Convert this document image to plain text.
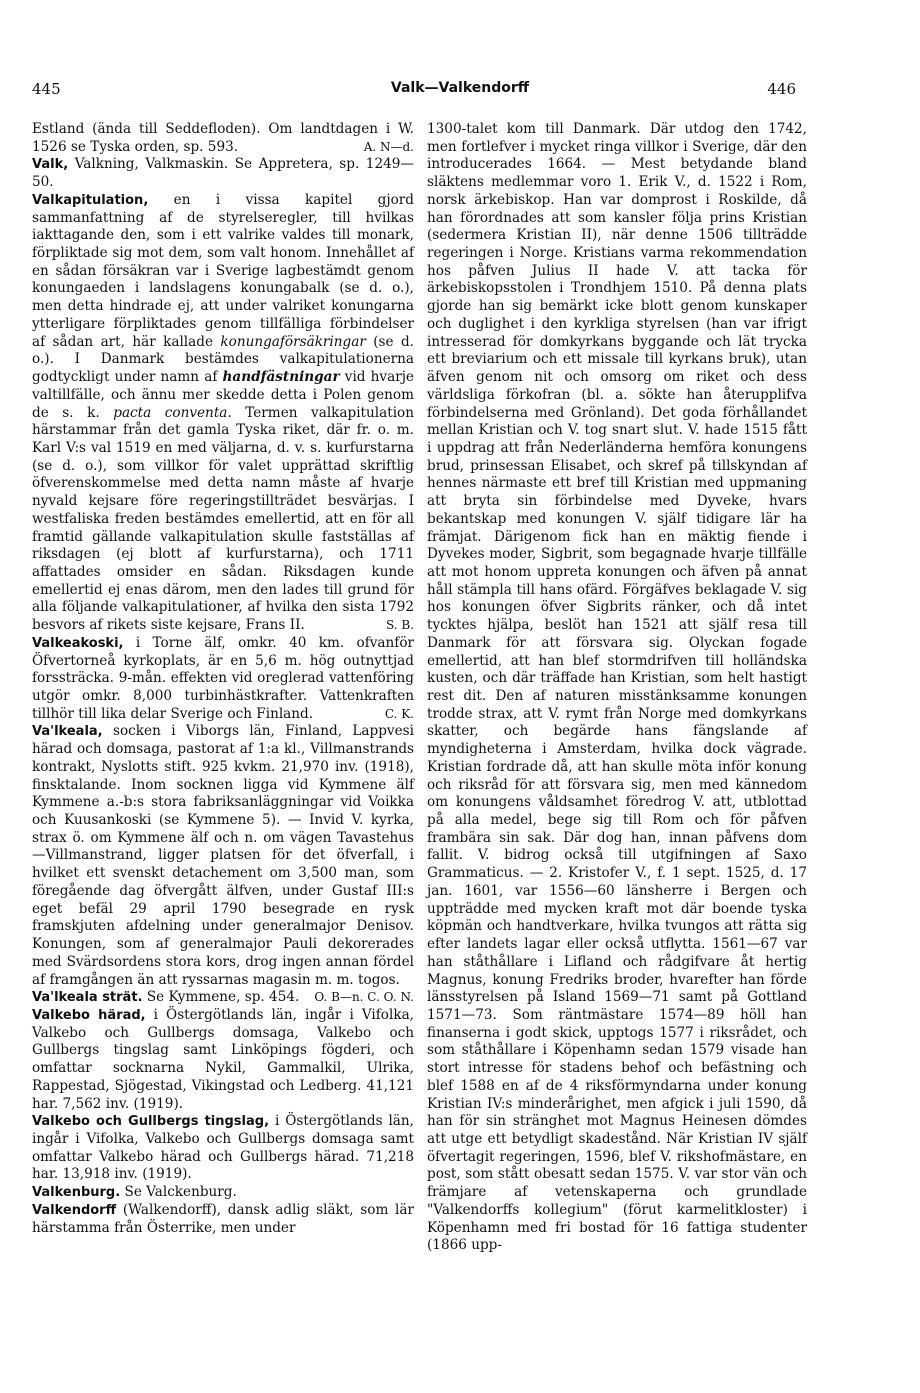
445	Valk—Valkendorff	446

Estland (ända till Seddefloden). Om landtdagen i W. 1526 se Tyska orden, sp. 593.	A. N—d.

Valk, Valkning, Valkmaskin. Se Appretera, sp. 1249—50.

Valkapitulation, en i vissa kapitel gjord sammanfattning af de styrelseregler, till hvilkas iakttagande den, som i ett valrike valdes till monark, förpliktade sig mot dem, som valt honom. Innehållet af en sådan försäkran var i Sverige lagbestämdt genom konungaeden i landslagens konungabalk (se d. o.), men detta hindrade ej, att under valriket konungarna ytterligare förpliktades genom tillfälliga förbindelser af sådan art, här kallade konungaförsäkringar (se d. o.). I Danmark bestämdes valkapitulationerna godtyckligt under namn af handfästningar vid hvarje valtillfälle, och ännu mer skedde detta i Polen genom de s. k. pacta conventa. Termen valkapitulation härstammar från det gamla Tyska riket, där fr. o. m. Karl V:s val 1519 en med väljarna, d. v. s. kurfurstarna (se d. o.), som villkor för valet upprättad skriftlig öfverenskommelse med detta namn måste af hvarje nyvald kejsare före regeringstillträdet besvärjas. I westfaliska freden bestämdes emellertid, att en för all framtid gällande valkapitulation skulle fastställas af riksdagen (ej blott af kurfurstarna), och 1711 affattades omsider en sådan. Riksdagen kunde emellertid ej enas därom, men den lades till grund för alla följande valkapitulationer, af hvilka den sista 1792 besvors af rikets siste kejsare, Frans II.	S. B.

Valkeakoski, i Torne älf, omkr. 40 km. ofvanför Öfvertorneå kyrkoplats, är en 5,6 m. hög outnyttjad forssträcka. 9-mån. effekten vid oreglerad vattenföring utgör omkr. 8,000 turbinhästkrafter. Vattenkraften tillhör till lika delar Sverige och Finland.	C. K.

Va'lkeala, socken i Viborgs län, Finland, Lappvesi härad och domsaga, pastorat af 1:a kl., Villmanstrands kontrakt, Nyslotts stift. 925 kvkm. 21,970 inv. (1918), finsktalande. Inom socknen ligga vid Kymmene älf Kymmene a.-b:s stora fabriksanläggningar vid Voikka och Kuusankoski (se Kymmene 5). — Invid V. kyrka, strax ö. om Kymmene älf och n. om vägen Tavastehus—Villmanstrand, ligger platsen för det öfverfall, i hvilket ett svenskt detachement om 3,500 man, som föregående dag öfvergått älfven, under Gustaf III:s eget befäl 29 april 1790 besegrade en rysk framskjuten afdelning under generalmajor Denisov. Konungen, som af generalmajor Pauli dekorerades med Svärdsordens stora kors, drog ingen annan fördel af framgången än att ryssarnas magasin m. m. togos.
O. B—n. C. O. N.

Va'lkeala strät. Se Kymmene, sp. 454.

Valkebo härad, i Östergötlands län, ingår i Vifolka, Valkebo och Gullbergs domsaga, Valkebo och Gullbergs tingslag samt Linköpings fögderi, och omfattar socknarna Nykil, Gammalkil, Ulrika, Rappestad, Sjögestad, Vikingstad och Ledberg. 41,121 har. 7,562 inv. (1919).

Valkebo och Gullbergs tingslag, i Östergötlands län, ingår i Vifolka, Valkebo och Gullbergs domsaga samt omfattar Valkebo härad och Gullbergs härad. 71,218 har. 13,918 inv. (1919).

Valkenburg. Se Valckenburg.

Valkendorff (Walkendorff), dansk adlig släkt, som lär härstamma från Österrike, men under

1300-talet kom till Danmark. Där utdog den 1742, men fortlefver i mycket ringa villkor i Sverige, där den introducerades 1664. — Mest betydande bland släktens medlemmar voro 1. Erik V., d. 1522 i Rom, norsk ärkebiskop. Han var domprost i Roskilde, då han förordnades att som kansler följa prins Kristian (sedermera Kristian II), när denne 1506 tillträdde regeringen i Norge. Kristians varma rekommendation hos påfven Julius II hade V. att tacka för ärkebiskopsstolen i Trondhjem 1510. På denna plats gjorde han sig bemärkt icke blott genom kunskaper och duglighet i den kyrkliga styrelsen (han var ifrigt intresserad för domkyrkans byggande och lät trycka ett breviarium och ett missale till kyrkans bruk), utan äfven genom nit och omsorg om riket och dess världsliga förkofran (bl. a. sökte han återupplifva förbindelserna med Grönland). Det goda förhållandet mellan Kristian och V. tog snart slut. V. hade 1515 fått i uppdrag att från Nederländerna hemföra konungens brud, prinsessan Elisabet, och skref på tillskyndan af hennes närmaste ett bref till Kristian med uppmaning att bryta sin förbindelse med Dyveke, hvars bekantskap med konungen V. själf tidigare lär ha främjat. Därigenom fick han en mäktig fiende i Dyvekes moder, Sigbrit, som begagnade hvarje tillfälle att mot honom uppreta konungen och äfven på annat håll stämpla till hans ofärd. Förgäfves beklagade V. sig hos konungen öfver Sigbrits ränker, och då intet tycktes hjälpa, beslöt han 1521 att själf resa till Danmark för att försvara sig. Olyckan fogade emellertid, att han blef stormdrifven till holländska kusten, och där träffade han Kristian, som helt hastigt rest dit. Den af naturen misstänksamme konungen trodde strax, att V. rymt från Norge med domkyrkans skatter, och begärde hans fängslande af myndigheterna i Amsterdam, hvilka dock vägrade. Kristian fordrade då, att han skulle möta inför konung och riksråd för att försvara sig, men med kännedom om konungens våldsamhet föredrog V. att, utblottad på alla medel, bege sig till Rom och för påfven frambära sin sak. Där dog han, innan påfvens dom fallit. V. bidrog också till utgifningen af Saxo Grammaticus. — 2. Kristofer V., f. 1 sept. 1525, d. 17 jan. 1601, var 1556—60 länsherre i Bergen och uppträdde med mycken kraft mot där boende tyska köpmän och handtverkare, hvilka tvungos att rätta sig efter landets lagar eller också utflytta. 1561—67 var han ståthållare i Lifland och rådgifvare åt hertig Magnus, konung Fredriks broder, hvarefter han förde länsstyrelsen på Island 1569—71 samt på Gottland 1571—73. Som räntmästare 1574—89 höll han finanserna i godt skick, upptogs 1577 i riksrådet, och som ståthållare i Köpenhamn sedan 1579 visade han stort intresse för stadens behof och befästning och blef 1588 en af de 4 riksförmyndarna under konung Kristian IV:s minderårighet, men afgick i juli 1590, då han för sin stränghet mot Magnus Heinesen dömdes att utge ett betydligt skadestånd. När Kristian IV själf öfvertagit regeringen, 1596, blef V. rikshofmästare, en post, som stått obesatt sedan 1575. V. var stor vän och främjare af vetenskaperna och grundlade "Valkendorffs kollegium" (förut karmelitkloster) i Köpenhamn med fri bostad för 16 fattiga studenter (1866 upp-
